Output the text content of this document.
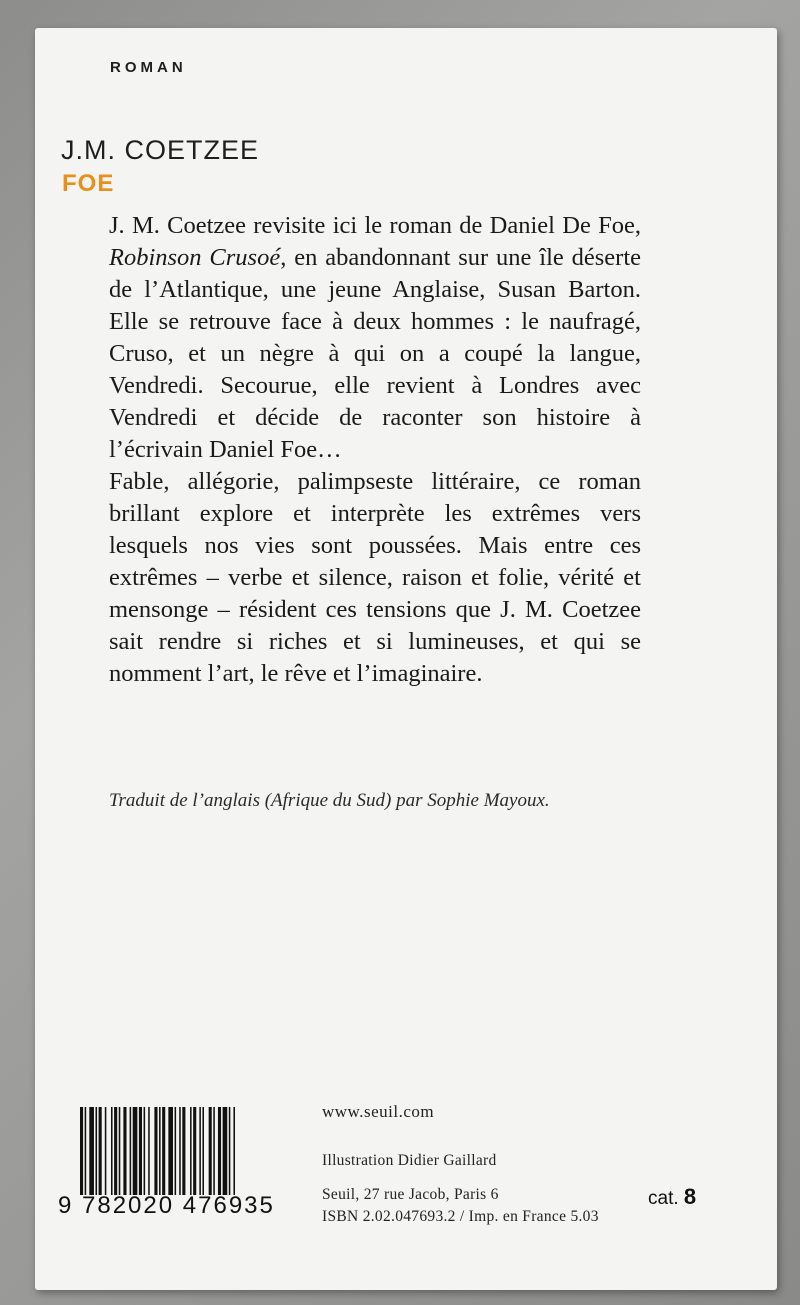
ROMAN
J.M. COETZEE
FOE

J. M. Coetzee revisite ici le roman de Daniel De Foe, Robinson Crusoé, en abandonnant sur une île déserte de l’Atlantique, une jeune Anglaise, Susan Barton. Elle se retrouve face à deux hommes : le naufragé, Cruso, et un nègre à qui on a coupé la langue, Vendredi. Secourue, elle revient à Londres avec Vendredi et décide de raconter son histoire à l’écrivain Daniel Foe…

Fable, allégorie, palimpseste littéraire, ce roman brillant explore et interprète les extrêmes vers lesquels nos vies sont poussées. Mais entre ces extrêmes – verbe et silence, raison et folie, vérité et mensonge – résident ces tensions que J. M. Coetzee sait rendre si riches et si lumineuses, et qui se nomment l’art, le rêve et l’imaginaire.

Traduit de l’anglais (Afrique du Sud) par Sophie Mayoux.
9 782020 476935
www.seuil.com
Illustration Didier Gaillard
Seuil, 27 rue Jacob, Paris 6
ISBN 2.02.047693.2 / Imp. en France 5.03
cat. 8
